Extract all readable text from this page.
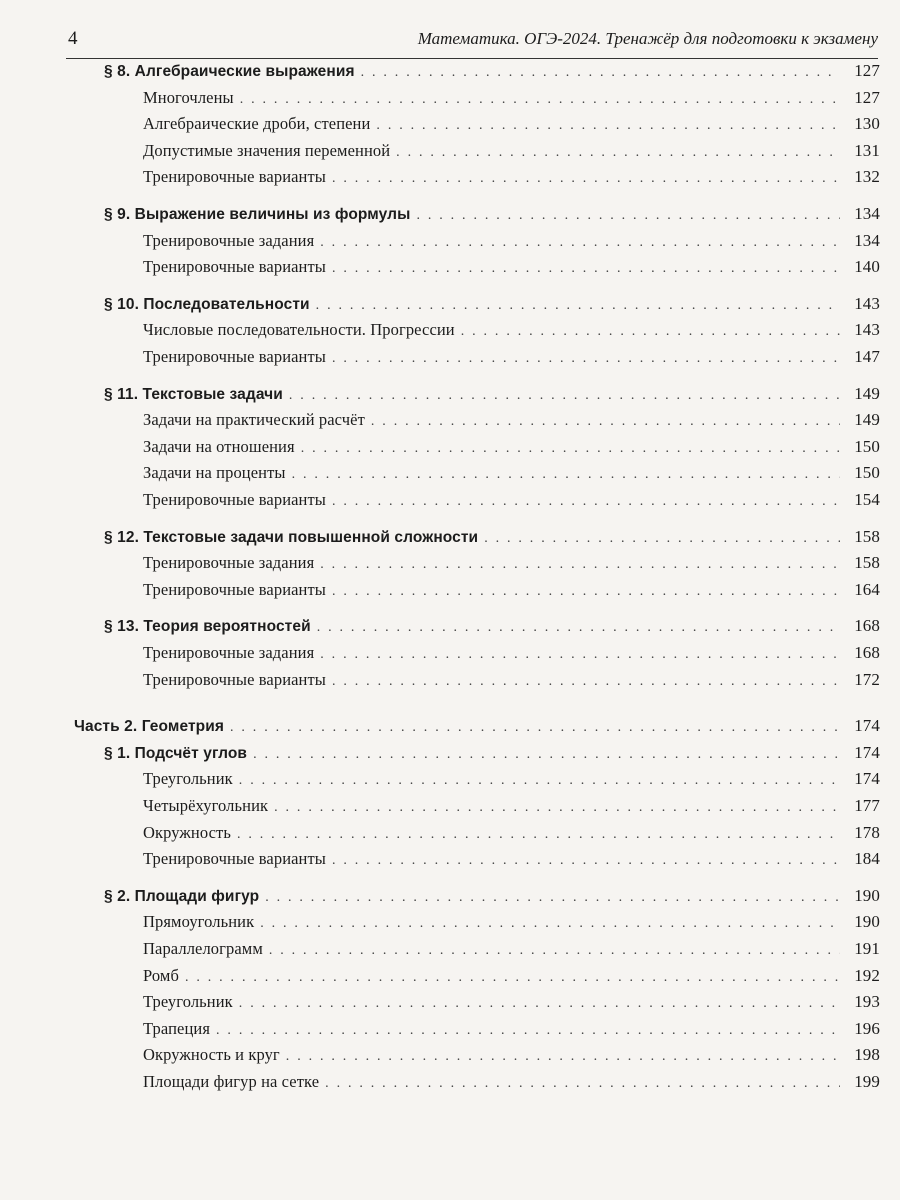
4	Математика. ОГЭ-2024. Тренажёр для подготовки к экзамену
§ 8. Алгебраические выражения . . .	127
Многочлены . . .	127
Алгебраические дроби, степени . . .	130
Допустимые значения переменной . . .	131
Тренировочные варианты . . .	132
§ 9. Выражение величины из формулы . . .	134
Тренировочные задания . . .	134
Тренировочные варианты . . .	140
§ 10. Последовательности . . .	143
Числовые последовательности. Прогрессии . . .	143
Тренировочные варианты . . .	147
§ 11. Текстовые задачи . . .	149
Задачи на практический расчёт . . .	149
Задачи на отношения . . .	150
Задачи на проценты . . .	150
Тренировочные варианты . . .	154
§ 12. Текстовые задачи повышенной сложности . . .	158
Тренировочные задания . . .	158
Тренировочные варианты . . .	164
§ 13. Теория вероятностей . . .	168
Тренировочные задания . . .	168
Тренировочные варианты . . .	172
Часть 2. Геометрия . . .	174
§ 1. Подсчёт углов . . .	174
Треугольник . . .	174
Четырёхугольник . . .	177
Окружность . . .	178
Тренировочные варианты . . .	184
§ 2. Площади фигур . . .	190
Прямоугольник . . .	190
Параллелограмм . . .	191
Ромб . . .	192
Треугольник . . .	193
Трапеция . . .	196
Окружность и круг . . .	198
Площади фигур на сетке . . .	199
